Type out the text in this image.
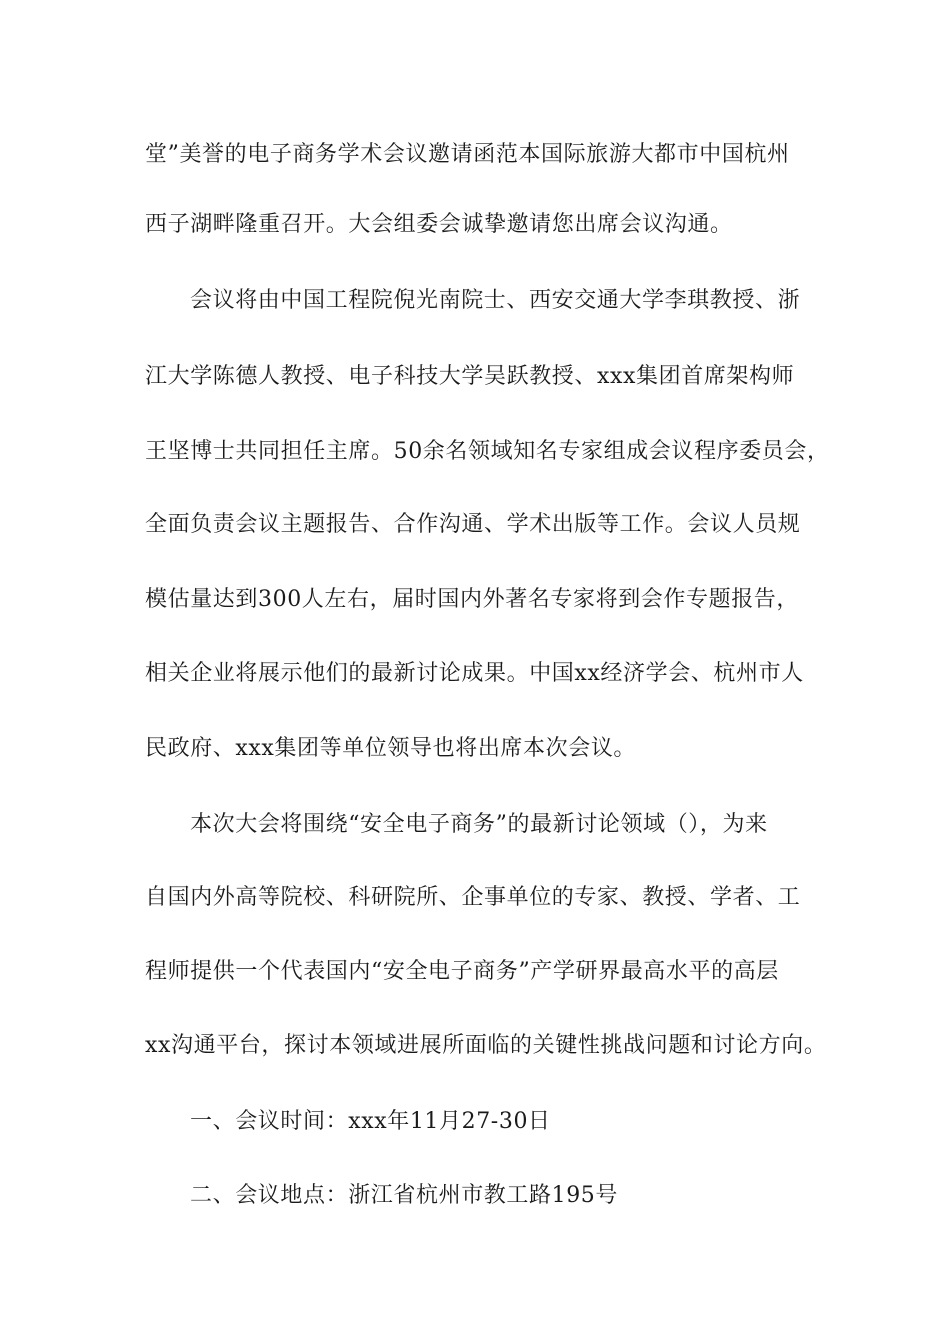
堂”美誉的电子商务学术会议邀请函范本国际旅游大都市中国杭州
西子湖畔隆重召开。大会组委会诚挚邀请您出席会议沟通。
会议将由中国工程院倪光南院士、西安交通大学李琪教授、浙
江大学陈德人教授、电子科技大学吴跃教授、xxx集团首席架构师
王坚博士共同担任主席。50余名领域知名专家组成会议程序委员会，
全面负责会议主题报告、合作沟通、学术出版等工作。会议人员规
模估量达到300人左右，届时国内外著名专家将到会作专题报告，
相关企业将展示他们的最新讨论成果。中国xx经济学会、杭州市人
民政府、xxx集团等单位领导也将出席本次会议。
本次大会将围绕“安全电子商务”的最新讨论领域（），为来
自国内外高等院校、科研院所、企事单位的专家、教授、学者、工
程师提供一个代表国内“安全电子商务”产学研界最高水平的高层
xx沟通平台，探讨本领域进展所面临的关键性挑战问题和讨论方向。
一、会议时间：xxx年11月27-30日
二、会议地点：浙江省杭州市教工路195号
